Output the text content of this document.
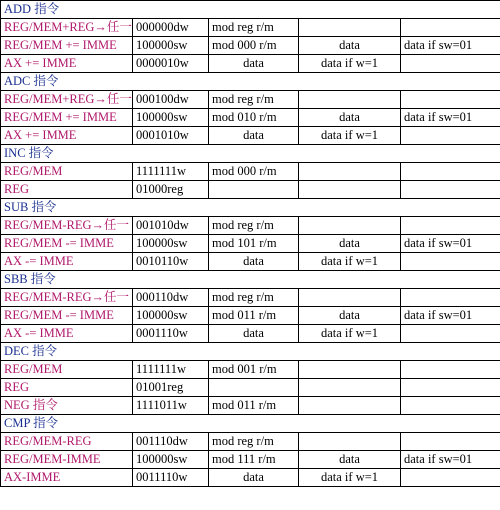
ADD 指令				
REG/MEM+REG→任一	000000dw	mod reg r/m		
REG/MEM += IMME	100000sw	mod 000 r/m	data	data if sw=01
AX += IMME	0000010w	data	data if w=1	
ADC 指令				
REG/MEM+REG→任一	000100dw	mod reg r/m		
REG/MEM += IMME	100000sw	mod 010 r/m	data	data if sw=01
AX += IMME	0001010w	data	data if w=1	
INC 指令				
REG/MEM	1111111w	mod 000 r/m		
REG	01000reg			
SUB 指令				
REG/MEM-REG→任一	001010dw	mod reg r/m		
REG/MEM -= IMME	100000sw	mod 101 r/m	data	data if sw=01
AX -= IMME	0010110w	data	data if w=1	
SBB 指令				
REG/MEM-REG→任一	000110dw	mod reg r/m		
REG/MEM -= IMME	100000sw	mod 011 r/m	data	data if sw=01
AX -= IMME	0001110w	data	data if w=1	
DEC 指令				
REG/MEM	1111111w	mod 001 r/m		
REG	01001reg			
NEG 指令	1111011w	mod 011 r/m		
CMP 指令				
REG/MEM-REG	001110dw	mod reg r/m		
REG/MEM-IMME	100000sw	mod 111 r/m	data	data if sw=01
AX-IMME	0011110w	data	data if w=1	
